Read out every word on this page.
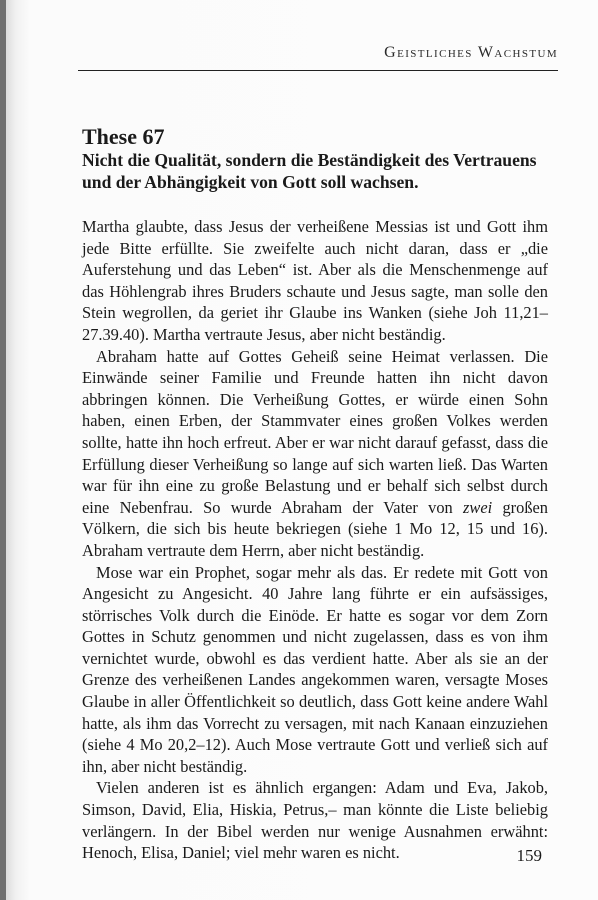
Geistliches Wachstum
These 67
Nicht die Qualität, sondern die Beständigkeit des Vertrauens und der Abhängigkeit von Gott soll wachsen.

Martha glaubte, dass Jesus der verheißene Messias ist und Gott ihm jede Bitte erfüllte. Sie zweifelte auch nicht daran, dass er „die Auferstehung und das Leben“ ist. Aber als die Menschenmenge auf das Höhlengrab ihres Bruders schaute und Jesus sagte, man solle den Stein wegrollen, da geriet ihr Glaube ins Wanken (siehe Joh 11,21–27.39.40). Martha vertraute Jesus, aber nicht beständig.

Abraham hatte auf Gottes Geheiß seine Heimat verlassen. Die Einwände seiner Familie und Freunde hatten ihn nicht davon abbringen können. Die Verheißung Gottes, er würde einen Sohn haben, einen Erben, der Stammvater eines großen Volkes werden sollte, hatte ihn hoch erfreut. Aber er war nicht darauf gefasst, dass die Erfüllung dieser Verheißung so lange auf sich warten ließ. Das Warten war für ihn eine zu große Belastung und er behalf sich selbst durch eine Nebenfrau. So wurde Abraham der Vater von zwei großen Völkern, die sich bis heute bekriegen (siehe 1 Mo 12, 15 und 16). Abraham vertraute dem Herrn, aber nicht beständig.

Mose war ein Prophet, sogar mehr als das. Er redete mit Gott von Angesicht zu Angesicht. 40 Jahre lang führte er ein aufsässiges, störrisches Volk durch die Einöde. Er hatte es sogar vor dem Zorn Gottes in Schutz genommen und nicht zugelassen, dass es von ihm vernichtet wurde, obwohl es das verdient hatte. Aber als sie an der Grenze des verheißenen Landes angekommen waren, versagte Moses Glaube in aller Öffentlichkeit so deutlich, dass Gott keine andere Wahl hatte, als ihm das Vorrecht zu versagen, mit nach Kanaan einzuziehen (siehe 4 Mo 20,2–12). Auch Mose vertraute Gott und verließ sich auf ihn, aber nicht beständig.

Vielen anderen ist es ähnlich ergangen: Adam und Eva, Jakob, Simson, David, Elia, Hiskia, Petrus,– man könnte die Liste beliebig verlängern. In der Bibel werden nur wenige Ausnahmen erwähnt: Henoch, Elisa, Daniel; viel mehr waren es nicht.	159
